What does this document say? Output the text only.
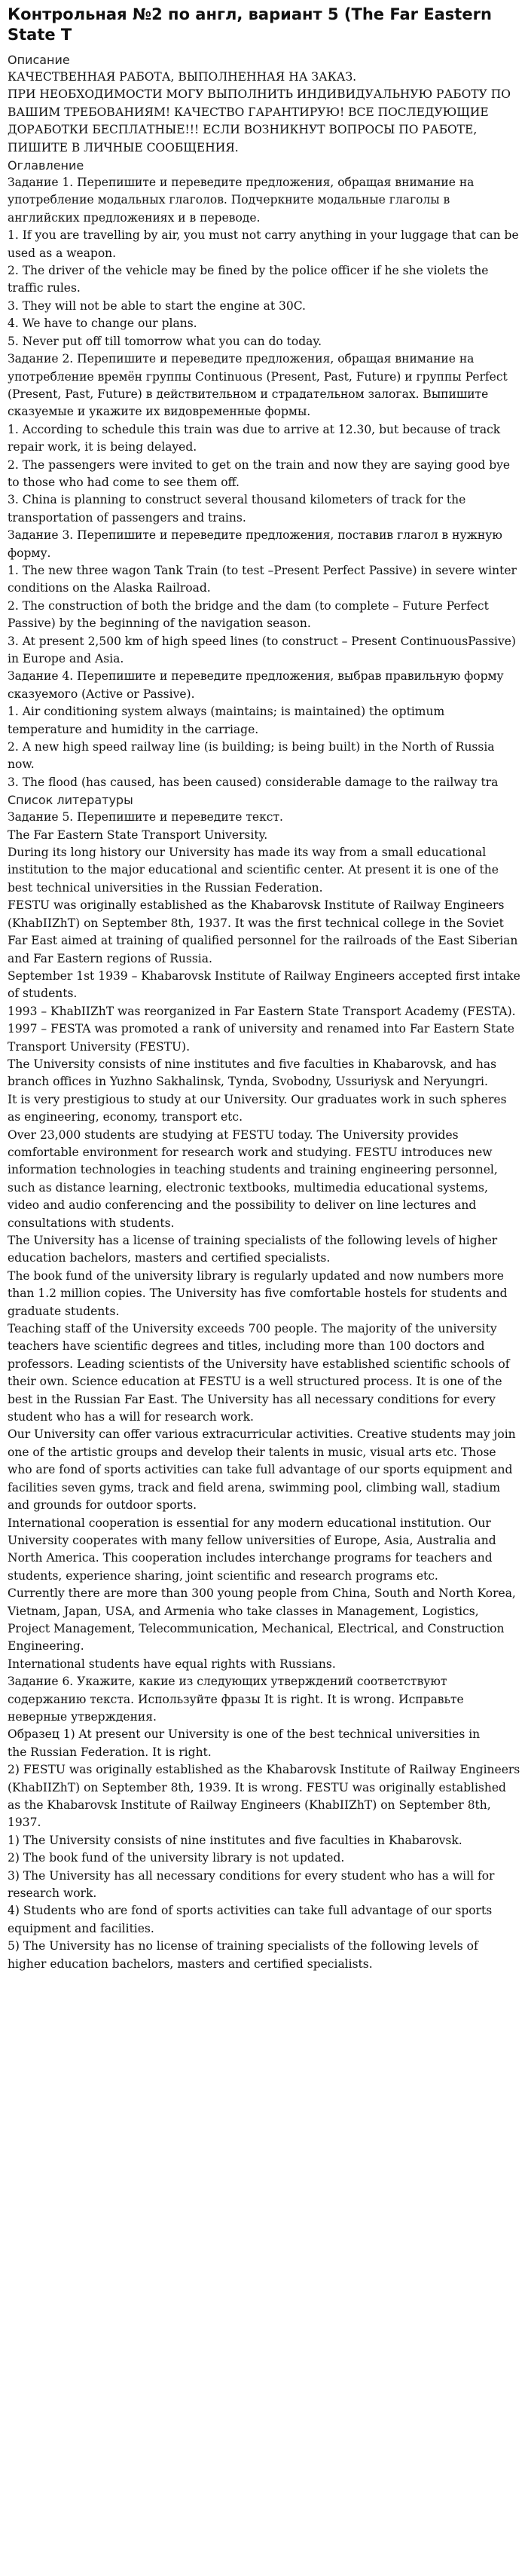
Контрольная №2 по англ, вариант 5 (The Far Eastern State T
Описание

КАЧЕСТВЕННАЯ РАБОТА, ВЫПОЛНЕННАЯ НА ЗАКАЗ.

ПРИ НЕОБХОДИМОСТИ МОГУ ВЫПОЛНИТЬ ИНДИВИДУАЛЬНУЮ РАБОТУ ПО ВАШИМ ТРЕБОВАНИЯМ! КАЧЕСТВО ГАРАНТИРУЮ! ВСЕ ПОСЛЕДУЮЩИЕ ДОРАБОТКИ БЕСПЛАТНЫЕ!!! ЕСЛИ ВОЗНИКНУТ ВОПРОСЫ ПО РАБОТЕ, ПИШИТЕ В ЛИЧНЫЕ СООБЩЕНИЯ.

Оглавление

Задание 1. Перепишите и переведите предложения, обращая внимание на употребление модальных глаголов. Подчеркните модальные глаголы в английских предложениях и в переводе.

1. If you are travelling by air, you must not carry anything in your luggage that can be used as a weapon.

2. The driver of the vehicle may be fined by the police officer if he she violets the traffic rules.

3. They will not be able to start the engine at 30C.

4. We have to change our plans.

5. Never put off till tomorrow what you can do today.

Задание 2. Перепишите и переведите предложения, обращая внимание на употребление времён группы Continuous (Present, Past, Future) и группы Perfect (Present, Past, Future) в действительном и страдательном залогах. Выпишите сказуемые и укажите их видовременные формы.

1. According to schedule this train was due to arrive at 12.30, but because of track repair work, it is being delayed.

2. The passengers were invited to get on the train and now they are saying good bye to those who had come to see them off.

3. China is planning to construct several thousand kilometers of track for the transportation of passengers and trains.

Задание 3. Перепишите и переведите предложения, поставив глагол в нужную форму.

1. The new three wagon Tank Train (to test –Present Perfect Passive) in severe winter conditions on the Alaska Railroad.

2. The construction of both the bridge and the dam (to complete – Future Perfect Passive) by the beginning of the navigation season.

3. At present 2,500 km of high speed lines (to construct – Present ContinuousPassive) in Europe and Asia.

Задание 4. Перепишите и переведите предложения, выбрав правильную форму сказуемого (Active or Passive).

1. Air conditioning system always (maintains; is maintained) the optimum temperature and humidity in the carriage.

2. A new high speed railway line (is building; is being built) in the North of Russia now.

3. The flood (has caused, has been caused) considerable damage to the railway tra

Список литературы

Задание 5. Перепишите и переведите текст.

The Far Eastern State Transport University.

During its long history our University has made its way from a small educational institution to the major educational and scientific center. At present it is one of the best technical universities in the Russian Federation.

FESTU was originally established as the Khabarovsk Institute of Railway Engineers (KhabIIZhT) on September 8th, 1937. It was the first technical college in the Soviet Far East aimed at training of qualified personnel for the railroads of the East Siberian and Far Eastern regions of Russia.

September 1st 1939 – Khabarovsk Institute of Railway Engineers accepted first intake of students.

1993 – KhabIIZhT was reorganized in Far Eastern State Transport Academy (FESTA).

1997 – FESTA was promoted a rank of university and renamed into Far Eastern State Transport University (FESTU).

The University consists of nine institutes and five faculties in Khabarovsk, and has branch offices in Yuzhno Sakhalinsk, Tynda, Svobodny, Ussuriysk and Neryungri.

It is very prestigious to study at our University. Our graduates work in such spheres as engineering, economy, transport etc.

Over 23,000 students are studying at FESTU today. The University provides comfortable environment for research work and studying. FESTU introduces new information technologies in teaching students and training engineering personnel, such as distance learning, electronic textbooks, multimedia educational systems, video and audio conferencing and the possibility to deliver on line lectures and consultations with students.

The University has a license of training specialists of the following levels of higher education bachelors, masters and certified specialists.

The book fund of the university library is regularly updated and now numbers more than 1.2 million copies. The University has five comfortable hostels for students and graduate students.

Teaching staff of the University exceeds 700 people. The majority of the university teachers have scientific degrees and titles, including more than 100 doctors and professors. Leading scientists of the University have established scientific schools of their own. Science education at FESTU is a well structured process. It is one of the best in the Russian Far East. The University has all necessary conditions for every student who has a will for research work.

Our University can offer various extracurricular activities. Creative students may join one of the artistic groups and develop their talents in music, visual arts etc. Those who are fond of sports activities can take full advantage of our sports equipment and facilities seven gyms, track and field arena, swimming pool, climbing wall, stadium and grounds for outdoor sports.

International cooperation is essential for any modern educational institution. Our University cooperates with many fellow universities of Europe, Asia, Australia and North America. This cooperation includes interchange programs for teachers and students, experience sharing, joint scientific and research programs etc.

Currently there are more than 300 young people from China, South and North Korea, Vietnam, Japan, USA, and Armenia who take classes in Management, Logistics, Project Management, Telecommunication, Mechanical, Electrical, and Construction Engineering.

International students have equal rights with Russians.

Задание 6. Укажите, какие из следующих утверждений соответствуют содержанию текста. Используйте фразы It is right. It is wrong. Исправьте неверные утверждения.

Образец 1) At present our University is one of the best technical universities in

the Russian Federation. It is right.

2) FESTU was originally established as the Khabarovsk Institute of Railway Engineers (KhabIIZhT) on September 8th, 1939. It is wrong. FESTU was originally established as the Khabarovsk Institute of Railway Engineers (KhabIIZhT) on September 8th, 1937.

1) The University consists of nine institutes and five faculties in Khabarovsk.

2) The book fund of the university library is not updated.

3) The University has all necessary conditions for every student who has a will for research work.

4) Students who are fond of sports activities can take full advantage of our sports equipment and facilities.

5) The University has no license of training specialists of the following levels of higher education bachelors, masters and certified specialists.
